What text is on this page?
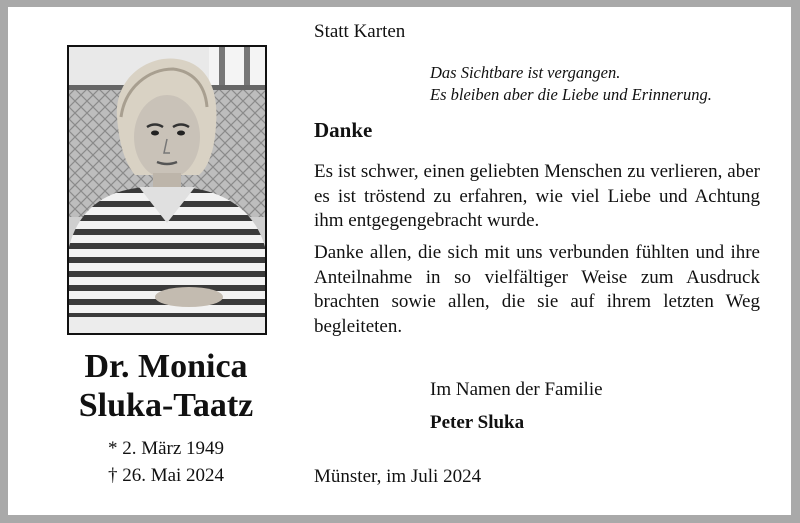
Dr. Monica
Sluka-Taatz
* 2. März 1949
† 26. Mai 2024
Statt Karten
Das Sichtbare ist vergangen.
Es bleiben aber die Liebe und Erinnerung.
Danke

Es ist schwer, einen geliebten Menschen zu verlieren, aber es ist tröstend zu erfahren, wie viel Liebe und Achtung ihm entgegengebracht wurde.

Danke allen, die sich mit uns verbunden fühlten und ihre Anteilnahme in so vielfältiger Weise zum Ausdruck brachten sowie allen, die sie auf ihrem letzten Weg begleiteten.

Im Namen der Familie
Peter Sluka
Münster, im Juli 2024
